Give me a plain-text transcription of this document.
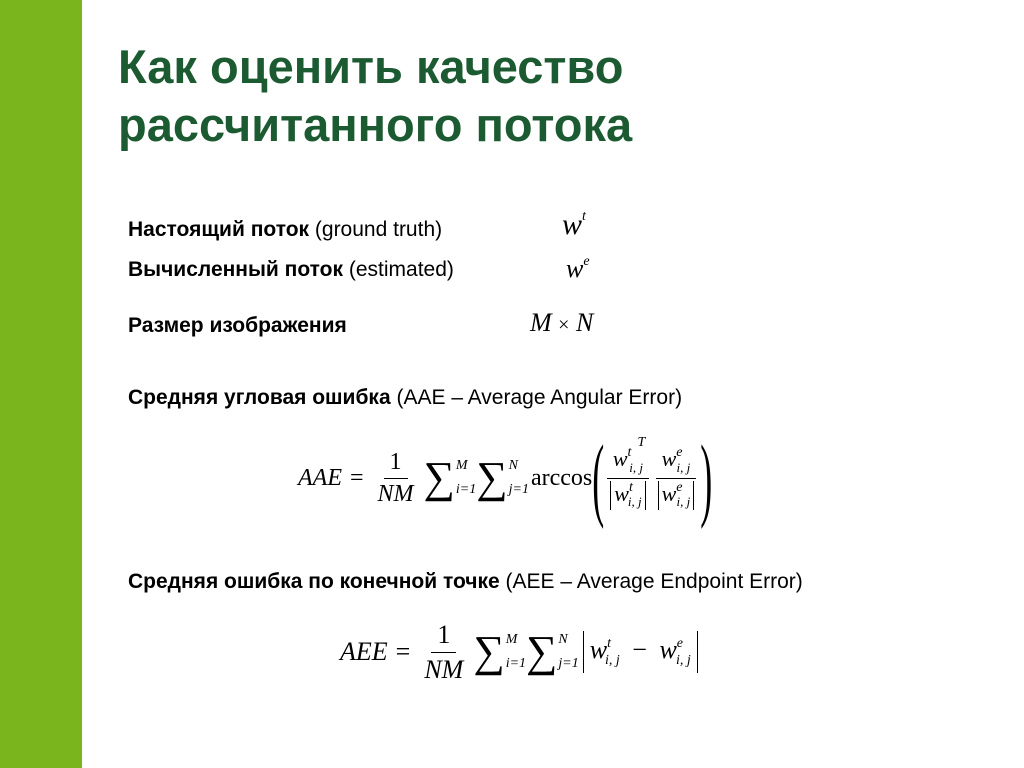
Как оценить качество
рассчитанного потока
Настоящий поток (ground truth)	$w^t$
Вычисленный поток (estimated)	$w^e$
Размер изображения	M × N
Средняя угловая ошибка (AAE – Average Angular Error)
AAE = $\frac{1}{NM}$ ∑ M
i=1 ∑ N
j=1 arccos ( $\frac{w^{tT}_{i, j}}{w^t_{i, j}} \frac{w^e_{i, j}}{w^e_{i, j}}$ )
Средняя ошибка по конечной точке (AEE – Average Endpoint Error)
AEE = $\frac{1}{NM}$ ∑ M
i=1 ∑ N
j=1 $w^t_{i, j} - w^e_{i, j}$
